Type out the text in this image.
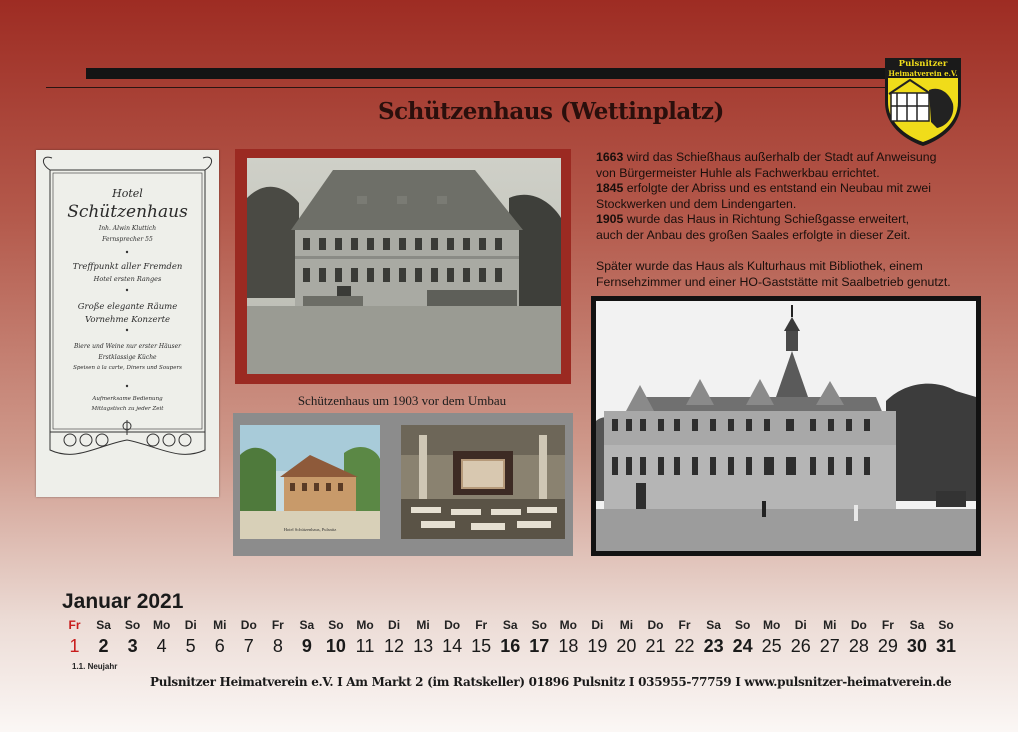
Pulsnitzer
Heimatverein e.V.
Schützenhaus (Wettinplatz)
Hotel
Schützenhaus
Inh. Alwin Kluttich
Fernsprecher 55
Treffpunkt aller Fremden
Hotel ersten Ranges
Große elegante Räume
Vornehme Konzerte
Biere und Weine nur erster Häuser
Erstklassige Küche
Speisen à la carte, Diners und Soupers
Aufmerksame Bedienung
Mittagstisch zu jeder Zeit
Schützenhaus um 1903 vor dem Umbau
Hotel Schützenhaus, Pulsnitz

1663 wird das Schießhaus außerhalb der Stadt auf Anweisung

von Bürgermeister Huhle als Fachwerkbau errichtet.

1845 erfolgte der Abriss und es entstand ein Neubau mit zwei

Stockwerken und dem Lindengarten.

1905 wurde das Haus in Richtung Schießgasse erweitert,

auch der Anbau des großen Saales erfolgte in dieser Zeit.

Später wurde das Haus als Kulturhaus mit Bibliothek, einem

Fernsehzimmer und einer HO-Gaststätte mit Saalbetrieb genutzt.

Januar 2021
Fr
1
Sa
2
So
3
Mo
4
Di
5
Mi
6
Do
7
Fr
8
Sa
9
So
10
Mo
11
Di
12
Mi
13
Do
14
Fr
15
Sa
16
So
17
Mo
18
Di
19
Mi
20
Do
21
Fr
22
Sa
23
So
24
Mo
25
Di
26
Mi
27
Do
28
Fr
29
Sa
30
So
31
1.1. Neujahr
Pulsnitzer Heimatverein e.V. I Am Markt 2 (im Ratskeller) 01896 Pulsnitz I 035955-77759 I www.pulsnitzer-heimatverein.de
